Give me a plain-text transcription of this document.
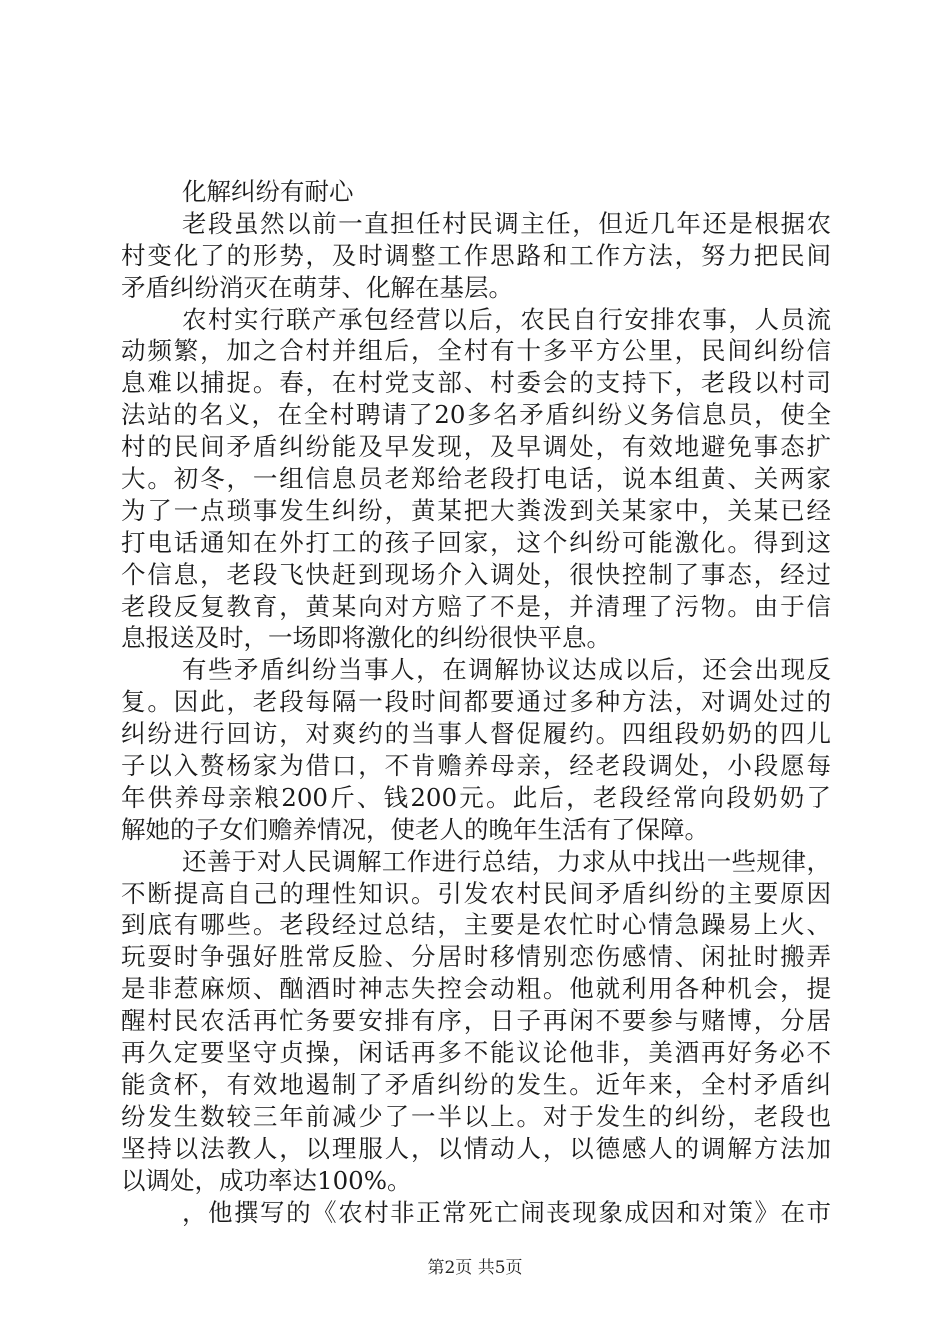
化解纠纷有耐心
老段虽然以前一直担任村民调主任，但近几年还是根据农
村变化了的形势，及时调整工作思路和工作方法，努力把民间
矛盾纠纷消灭在萌芽、化解在基层。
农村实行联产承包经营以后，农民自行安排农事，人员流
动频繁，加之合村并组后，全村有十多平方公里，民间纠纷信
息难以捕捉。春，在村党支部、村委会的支持下，老段以村司
法站的名义，在全村聘请了20多名矛盾纠纷义务信息员，使全
村的民间矛盾纠纷能及早发现，及早调处，有效地避免事态扩
大。初冬，一组信息员老郑给老段打电话，说本组黄、关两家
为了一点琐事发生纠纷，黄某把大粪泼到关某家中，关某已经
打电话通知在外打工的孩子回家，这个纠纷可能激化。得到这
个信息，老段飞快赶到现场介入调处，很快控制了事态，经过
老段反复教育，黄某向对方赔了不是，并清理了污物。由于信
息报送及时，一场即将激化的纠纷很快平息。
有些矛盾纠纷当事人，在调解协议达成以后，还会出现反
复。因此，老段每隔一段时间都要通过多种方法，对调处过的
纠纷进行回访，对爽约的当事人督促履约。四组段奶奶的四儿
子以入赘杨家为借口，不肯赡养母亲，经老段调处，小段愿每
年供养母亲粮200斤、钱200元。此后，老段经常向段奶奶了
解她的子女们赡养情况，使老人的晚年生活有了保障。
还善于对人民调解工作进行总结，力求从中找出一些规律，
不断提高自己的理性知识。引发农村民间矛盾纠纷的主要原因
到底有哪些。老段经过总结，主要是农忙时心情急躁易上火、
玩耍时争强好胜常反脸、分居时移情别恋伤感情、闲扯时搬弄
是非惹麻烦、酗酒时神志失控会动粗。他就利用各种机会，提
醒村民农活再忙务要安排有序，日子再闲不要参与赌博，分居
再久定要坚守贞操，闲话再多不能议论他非，美酒再好务必不
能贪杯，有效地遏制了矛盾纠纷的发生。近年来，全村矛盾纠
纷发生数较三年前减少了一半以上。对于发生的纠纷，老段也
坚持以法教人，以理服人，以情动人，以德感人的调解方法加
以调处，成功率达100%。
，他撰写的《农村非正常死亡闹丧现象成因和对策》在市
第2页 共5页
